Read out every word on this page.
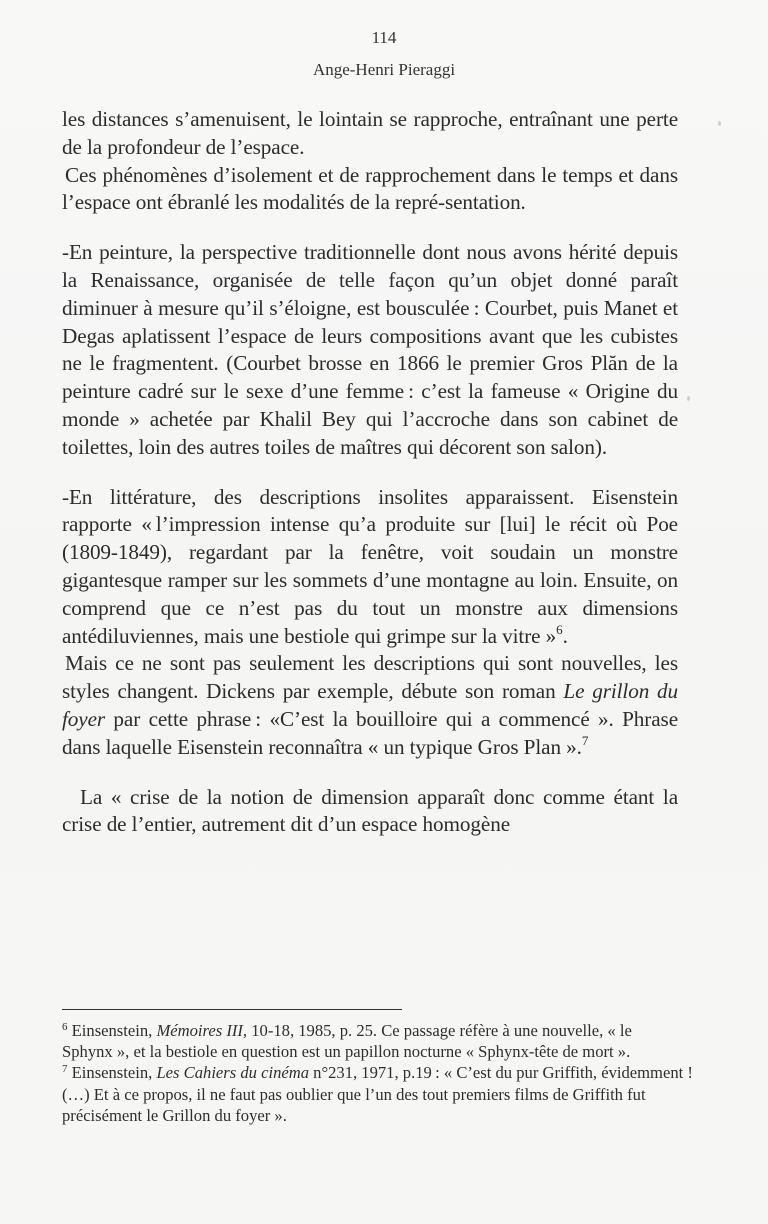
114
Ange-Henri Pieraggi

les distances s’amenuisent, le lointain se rapproche, entraînant une perte de la profondeur de l’espace.

Ces phénomènes d’isolement et de rapprochement dans le temps et dans l’espace ont ébranlé les modalités de la repré-sentation.

-En peinture, la perspective traditionnelle dont nous avons hérité depuis la Renaissance, organisée de telle façon qu’un objet donné paraît diminuer à mesure qu’il s’éloigne, est bousculée : Courbet, puis Manet et Degas aplatissent l’espace de leurs compositions avant que les cubistes ne le fragmentent. (Courbet brosse en 1866 le premier Gros Plăn de la peinture cadré sur le sexe d’une femme : c’est la fameuse « Origine du monde » achetée par Khalil Bey qui l’accroche dans son cabinet de toilettes, loin des autres toiles de maîtres qui décorent son salon).

-En littérature, des descriptions insolites apparaissent. Eisenstein rapporte « l’impression intense qu’a produite sur [lui] le récit où Poe (1809-1849), regardant par la fenêtre, voit soudain un monstre gigantesque ramper sur les sommets d’une montagne au loin. Ensuite, on comprend que ce n’est pas du tout un monstre aux dimensions antédiluviennes, mais une bestiole qui grimpe sur la vitre »$^6$.

Mais ce ne sont pas seulement les descriptions qui sont nouvelles, les styles changent. Dickens par exemple, débute son roman Le grillon du foyer par cette phrase : «C’est la bouilloire qui a commencé ». Phrase dans laquelle Eisenstein reconnaîtra « un typique Gros Plan ».$^7$

La « crise de la notion de dimension apparaît donc comme étant la crise de l’entier, autrement dit d’un espace homogène

$^6$ Einsenstein, Mémoires III, 10-18, 1985, p. 25. Ce passage réfère à une nouvelle, « le Sphynx », et la bestiole en question est un papillon nocturne « Sphynx-tête de mort ».

$^7$ Einsenstein, Les Cahiers du cinéma n°231, 1971, p.19 : « C’est du pur Griffith, évidemment ! (…) Et à ce propos, il ne faut pas oublier que l’un des tout premiers films de Griffith fut précisément le Grillon du foyer ».
